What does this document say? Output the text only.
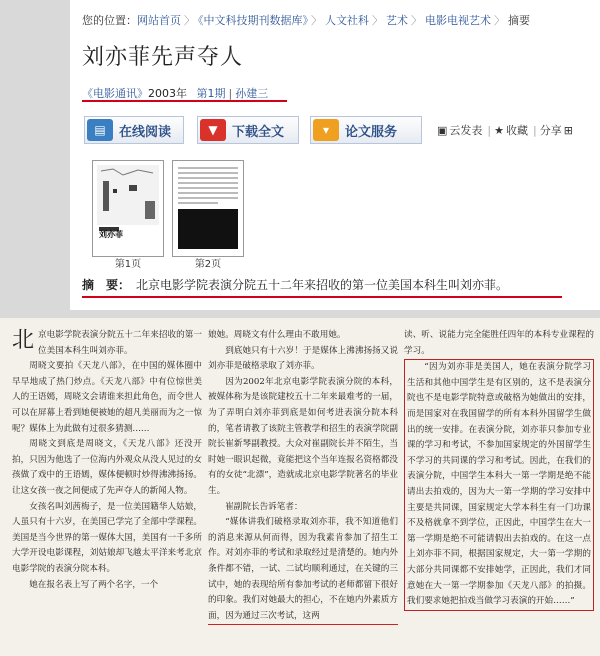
您的位置：网站首页 〉 《中文科技期刊数据库》 〉 人文社科 〉 艺术 〉 电影电视艺术 〉 摘要
刘亦菲先声夺人
《电影通讯》2003年 第1期 | 孙建三
▤	在线阅读	▼	下载全文	▾	论文服务	▣ 云发表 | ★ 收藏 | 分享 ⊞
刘亦菲
第1页	第2页
摘　要： 北京电影学院表演分院五十二年来招收的第一位美国本科生叫刘亦菲。
北 京电影学院表演分院五十二年来招收的第一位美国本科生叫刘亦菲。

周晓文要拍《天龙八部》，在中国的媒体圈中早早地成了热门炒点。《天龙八部》中有位惊世美人的王语嫣，周晓文会请谁来担此角色，而令世人可以在屏幕上看到她便被她的超凡美丽而为之一惊呢？媒体上为此做有过很多猜测……

周晓文到底是周晓文，《天龙八部》还没开拍，只因为他选了一位海内外观众从没人见过的女孩做了戏中的王语嫣，媒体便顿时炒得沸沸扬扬。让这女孩一夜之间便成了先声夺人的新闻人物。

女孩名叫刘茜梅子，是一位美国籍华人姑娘，人虽只有十六岁，在美国已学完了全部中学课程。美国是当今世界的第一媒体大国，美国有一千多所大学开设电影课程，刘姑娘却飞越太平洋来考北京电影学院的表演分院本科。

她在报名表上写了两个名字，一个

娘她。周晓文有什么理由不敢用她。

到底她只有十六岁！于是媒体上沸沸扬扬又说刘亦菲是破格录取了刘亦菲。

因为2002年北京电影学院表演分院的本科，被媒体称为是该院建校五十二年来最难考的一届，为了弄明白刘亦菲到底是如何考进表演分院本科的，笔者请教了该院主管教学和招生的表演学院副院长崔新琴副教授。大众对崔副院长并不陌生，当时她一眼识起微，竟能把这个当年连报名资格都没有的女徒“北漂”，造就成北京电影学院著名的毕业生。

崔副院长告诉笔者：

“媒体讲我们破格录取刘亦菲，我不知道他们的消息来源从何而得，因为我素肯参加了招生工作。对刘亦菲的考试和录取经过是清楚的。她内外条件都不错，一试、二试均顺利通过，在关键的三试中，她的表现给所有参加考试的老师都留下很好的印象。我们对她最大的担心，不在她内外素质方面，因为通过三次考试，这两

读、听、说能力完全能胜任四年的本科专业课程的学习。

“因为刘亦菲是美国人，她在表演分院学习生活和其他中国学生是有区别的，这不是表演分院也不是电影学院特意或破格为她做出的安排，而是国家对在我国留学的所有本科外国留学生做出的统一安排。在表演分院，刘亦菲只参加专业课的学习和考试，不参加国家规定的外国留学生不学习的共同课的学习和考试。因此，在我们的表演分院，中国学生本科大一第一学期是绝不能请出去拍戏的，因为大一第一学期的学习安排中主要是共同课，国家规定大学本科生有一门功课不及格就拿不到学位，正因此，中国学生在大一第一学期是绝不可能请假出去拍戏的。在这一点上刘亦菲不同，根据国家规定，大一第一学期的大部分共同课都不安排她学，正因此，我们才同意她在大一第一学期参加《天龙八部》的拍摄。我们要求她把拍戏当做学习表演的开始……”
